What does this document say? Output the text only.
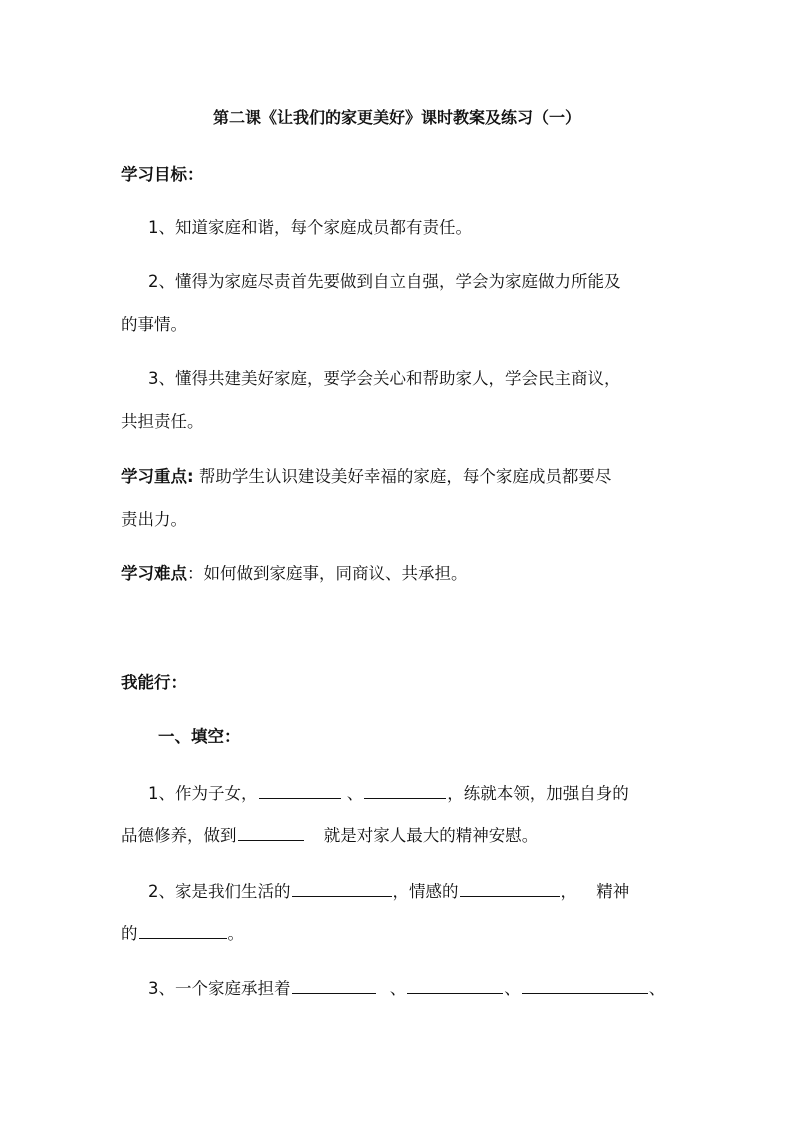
第二课《让我们的家更美好》课时教案及练习（一）
学习目标：
1、知道家庭和谐，每个家庭成员都有责任。
2、懂得为家庭尽责首先要做到自立自强，学会为家庭做力所能及
的事情。
3、懂得共建美好家庭，要学会关心和帮助家人，学会民主商议，
共担责任。
学习重点: 帮助学生认识建设美好幸福的家庭，每个家庭成员都要尽
责出力。
学习难点：如何做到家庭事，同商议、共承担。
我能行：
一、填空：
1、作为子女，	、	，练就本领，加强自身的
品德修养，做到	就是对家人最大的精神安慰。
2、家是我们生活的	，情感的	， 精神
的	。
3、一个家庭承担着	、	、	、
